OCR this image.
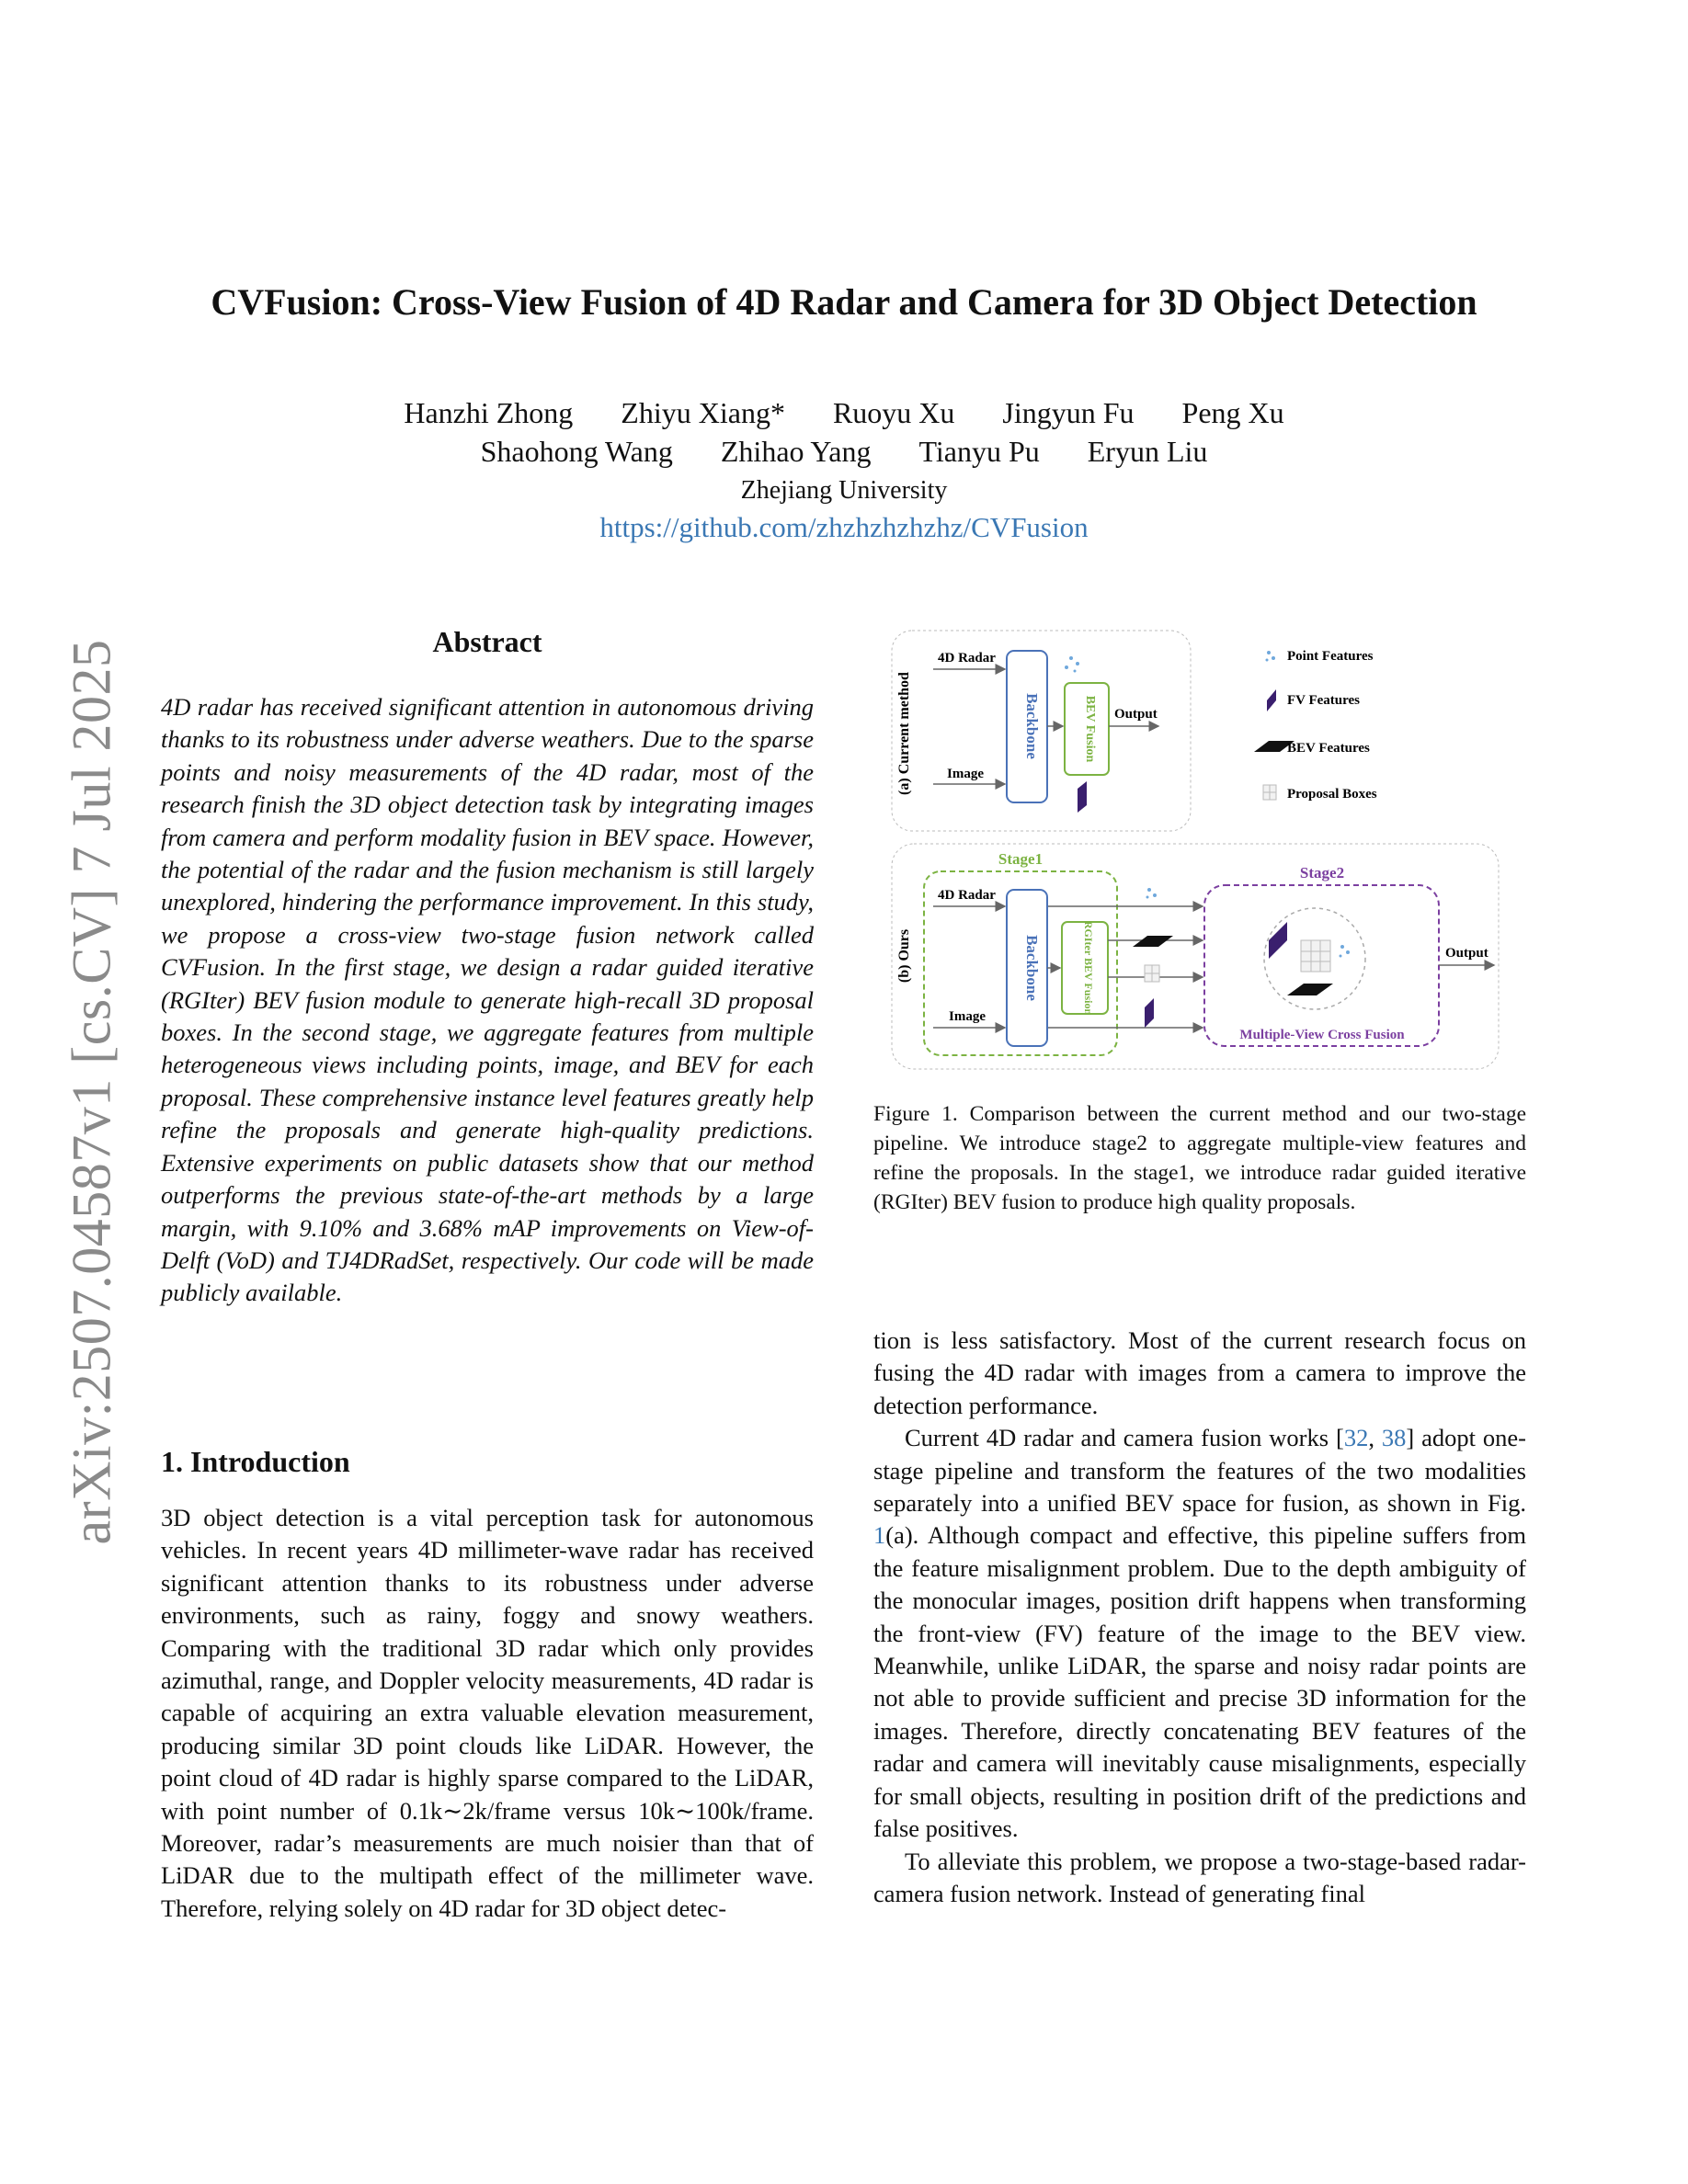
arXiv:2507.04587v1 [cs.CV] 7 Jul 2025
CVFusion: Cross-View Fusion of 4D Radar and Camera for 3D Object Detection
Hanzhi Zhong Zhiyu Xiang* Ruoyu Xu Jingyun Fu Peng Xu
Shaohong Wang Zhihao Yang Tianyu Pu Eryun Liu
Zhejiang University
https://github.com/zhzhzhzhzhz/CVFusion
Abstract
4D radar has received significant attention in autonomous driving thanks to its robustness under adverse weathers. Due to the sparse points and noisy measurements of the 4D radar, most of the research finish the 3D object detection task by integrating images from camera and perform modality fusion in BEV space. However, the potential of the radar and the fusion mechanism is still largely unexplored, hindering the performance improvement. In this study, we propose a cross-view two-stage fusion network called CVFusion. In the first stage, we design a radar guided iterative (RGIter) BEV fusion module to generate high-recall 3D proposal boxes. In the second stage, we aggregate features from multiple heterogeneous views including points, image, and BEV for each proposal. These comprehensive instance level features greatly help refine the proposals and generate high-quality predictions. Extensive experiments on public datasets show that our method outperforms the previous state-of-the-art methods by a large margin, with 9.10% and 3.68% mAP improvements on View-of-Delft (VoD) and TJ4DRadSet, respectively. Our code will be made publicly available.
1. Introduction
3D object detection is a vital perception task for autonomous vehicles. In recent years 4D millimeter-wave radar has received significant attention thanks to its robustness under adverse environments, such as rainy, foggy and snowy weathers. Comparing with the traditional 3D radar which only provides azimuthal, range, and Doppler velocity measurements, 4D radar is capable of acquiring an extra valuable elevation measurement, producing similar 3D point clouds like LiDAR. However, the point cloud of 4D radar is highly sparse compared to the LiDAR, with point number of 0.1k∼2k/frame versus 10k∼100k/frame. Moreover, radar’s measurements are much noisier than that of LiDAR due to the multipath effect of the millimeter wave. Therefore, relying solely on 4D radar for 3D object detec-
(a) Current method
4D Radar
Image
Backbone	BEV Fusion Output
Point Features
FV Features
BEV Features
Proposal Boxes
(b) Ours
Stage1
4D Radar
Image
Backbone	RGIter BEV Fusion
Stage2
Multiple-View Cross Fusion
Output
Figure 1. Comparison between the current method and our two-stage pipeline. We introduce stage2 to aggregate multiple-view features and refine the proposals. In the stage1, we introduce radar guided iterative (RGIter) BEV fusion to produce high quality proposals.

tion is less satisfactory. Most of the current research focus on fusing the 4D radar with images from a camera to improve the detection performance.

Current 4D radar and camera fusion works [32, 38] adopt one-stage pipeline and transform the features of the two modalities separately into a unified BEV space for fusion, as shown in Fig. 1(a). Although compact and effective, this pipeline suffers from the feature misalignment problem. Due to the depth ambiguity of the monocular images, position drift happens when transforming the front-view (FV) feature of the image to the BEV view. Meanwhile, unlike LiDAR, the sparse and noisy radar points are not able to provide sufficient and precise 3D information for the images. Therefore, directly concatenating BEV features of the radar and camera will inevitably cause misalignments, especially for small objects, resulting in position drift of the predictions and false positives.

To alleviate this problem, we propose a two-stage-based radar-camera fusion network. Instead of generating final
